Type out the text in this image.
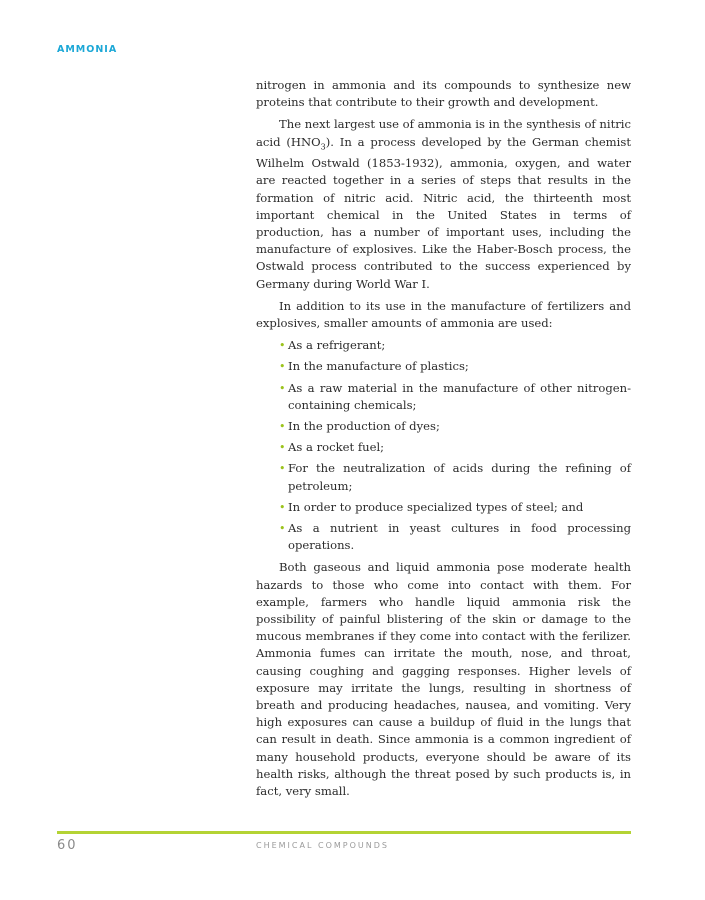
AMMONIA

nitrogen in ammonia and its compounds to synthesize new proteins that contribute to their growth and development.

The next largest use of ammonia is in the synthesis of nitric acid $(HNO_3)$. In a process developed by the German chemist Wilhelm Ostwald (1853-1932), ammonia, oxygen, and water are reacted together in a series of steps that results in the formation of nitric acid. Nitric acid, the thirteenth most important chemical in the United States in terms of production, has a number of important uses, including the manufacture of explosives. Like the Haber-Bosch process, the Ostwald process contributed to the success experienced by Germany during World War I.

In addition to its use in the manufacture of fertilizers and explosives, smaller amounts of ammonia are used:

• As a refrigerant;
• In the manufacture of plastics;
• As a raw material in the manufacture of other nitrogen-containing chemicals;
• In the production of dyes;
• As a rocket fuel;
• For the neutralization of acids during the refining of petroleum;
• In order to produce specialized types of steel; and
• As a nutrient in yeast cultures in food processing operations.

Both gaseous and liquid ammonia pose moderate health hazards to those who come into contact with them. For example, farmers who handle liquid ammonia risk the possibility of painful blistering of the skin or damage to the mucous membranes if they come into contact with the ferilizer. Ammonia fumes can irritate the mouth, nose, and throat, causing coughing and gagging responses. Higher levels of exposure may irritate the lungs, resulting in shortness of breath and producing headaches, nausea, and vomiting. Very high exposures can cause a buildup of fluid in the lungs that can result in death. Since ammonia is a common ingredient of many household products, everyone should be aware of its health risks, although the threat posed by such products is, in fact, very small.

60	CHEMICAL COMPOUNDS
